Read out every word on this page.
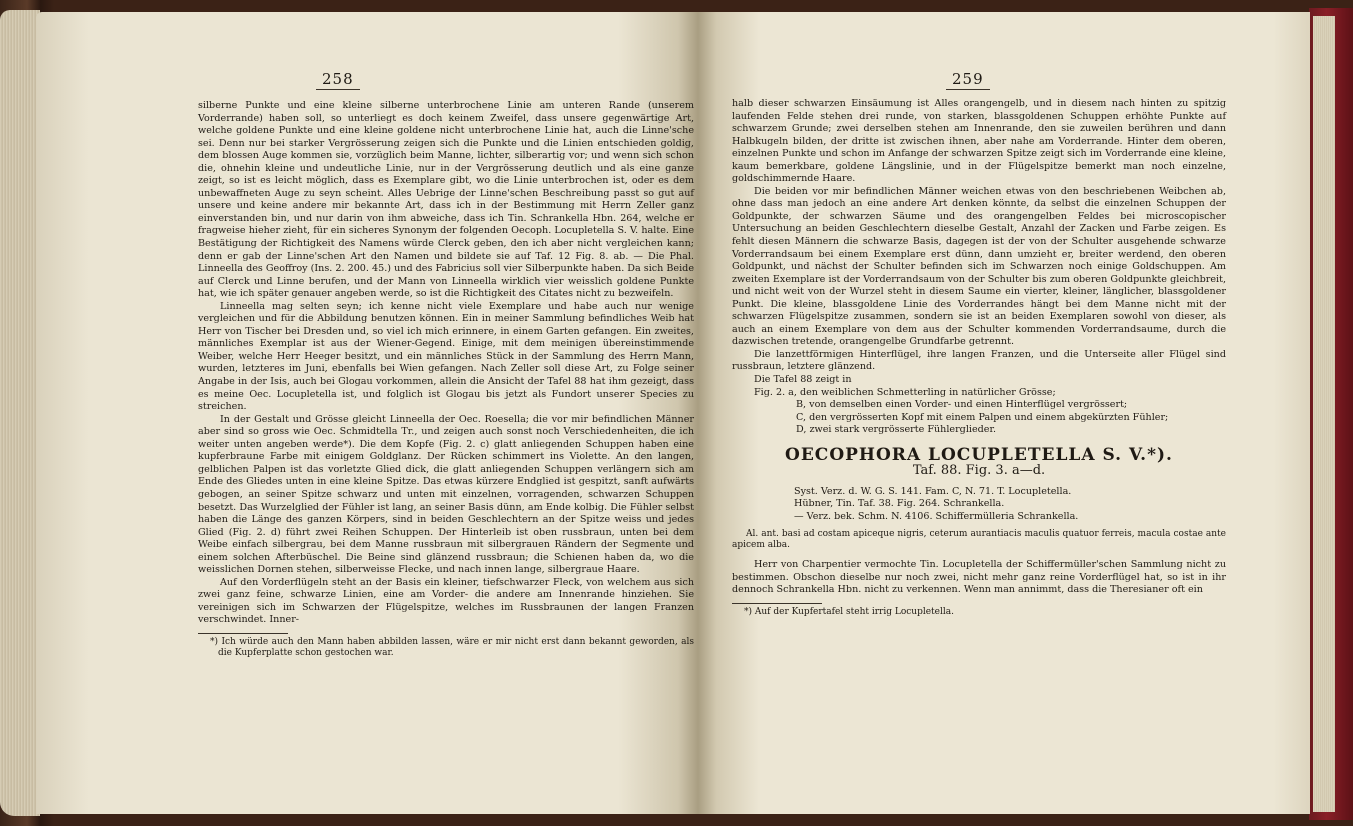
258

silberne Punkte und eine kleine silberne unterbrochene Linie am unteren Rande (unserem Vorderrande) haben soll, so unterliegt es doch keinem Zweifel, dass unsere gegenwärtige Art, welche goldene Punkte und eine kleine goldene nicht unterbrochene Linie hat, auch die Linne'sche sei. Denn nur bei starker Vergrösserung zeigen sich die Punkte und die Linien entschieden goldig, dem blossen Auge kommen sie, vorzüglich beim Manne, lichter, silberartig vor; und wenn sich schon die, ohnehin kleine und undeutliche Linie, nur in der Vergrösserung deutlich und als eine ganze zeigt, so ist es leicht möglich, dass es Exemplare gibt, wo die Linie unterbrochen ist, oder es dem unbewaffneten Auge zu seyn scheint. Alles Uebrige der Linne'schen Beschreibung passt so gut auf unsere und keine andere mir bekannte Art, dass ich in der Bestimmung mit Herrn Zeller ganz einverstanden bin, und nur darin von ihm abweiche, dass ich Tin. Schrankella Hbn. 264, welche er fragweise hieher zieht, für ein sicheres Synonym der folgenden Oecoph. Locupletella S. V. halte. Eine Bestätigung der Richtigkeit des Namens würde Clerck geben, den ich aber nicht vergleichen kann; denn er gab der Linne'schen Art den Namen und bildete sie auf Taf. 12 Fig. 8. ab. — Die Phal. Linneella des Geoffroy (Ins. 2. 200. 45.) und des Fabricius soll vier Silberpunkte haben. Da sich Beide auf Clerck und Linne berufen, und der Mann von Linneella wirklich vier weisslich goldene Punkte hat, wie ich später genauer angeben werde, so ist die Richtigkeit des Citates nicht zu bezweifeln.

Linneella mag selten seyn; ich kenne nicht viele Exemplare und habe auch nur wenige vergleichen und für die Abbildung benutzen können. Ein in meiner Sammlung befindliches Weib hat Herr von Tischer bei Dresden und, so viel ich mich erinnere, in einem Garten gefangen. Ein zweites, männliches Exemplar ist aus der Wiener-Gegend. Einige, mit dem meinigen übereinstimmende Weiber, welche Herr Heeger besitzt, und ein männliches Stück in der Sammlung des Herrn Mann, wurden, letzteres im Juni, ebenfalls bei Wien gefangen. Nach Zeller soll diese Art, zu Folge seiner Angabe in der Isis, auch bei Glogau vorkommen, allein die Ansicht der Tafel 88 hat ihm gezeigt, dass es meine Oec. Locupletella ist, und folglich ist Glogau bis jetzt als Fundort unserer Species zu streichen.

In der Gestalt und Grösse gleicht Linneella der Oec. Roesella; die vor mir befindlichen Männer aber sind so gross wie Oec. Schmidtella Tr., und zeigen auch sonst noch Verschiedenheiten, die ich weiter unten angeben werde*). Die dem Kopfe (Fig. 2. c) glatt anliegenden Schuppen haben eine kupferbraune Farbe mit einigem Goldglanz. Der Rücken schimmert ins Violette. An den langen, gelblichen Palpen ist das vorletzte Glied dick, die glatt anliegenden Schuppen verlängern sich am Ende des Gliedes unten in eine kleine Spitze. Das etwas kürzere Endglied ist gespitzt, sanft aufwärts gebogen, an seiner Spitze schwarz und unten mit einzelnen, vorragenden, schwarzen Schuppen besetzt. Das Wurzelglied der Fühler ist lang, an seiner Basis dünn, am Ende kolbig. Die Fühler selbst haben die Länge des ganzen Körpers, sind in beiden Geschlechtern an der Spitze weiss und jedes Glied (Fig. 2. d) führt zwei Reihen Schuppen. Der Hinterleib ist oben russbraun, unten bei dem Weibe einfach silbergrau, bei dem Manne russbraun mit silbergrauen Rändern der Segmente und einem solchen Afterbüschel. Die Beine sind glänzend russbraun; die Schienen haben da, wo die weisslichen Dornen stehen, silberweisse Flecke, und nach innen lange, silbergraue Haare.

Auf den Vorderflügeln steht an der Basis ein kleiner, tiefschwarzer Fleck, von welchem aus sich zwei ganz feine, schwarze Linien, eine am Vorder- die andere am Innenrande hinziehen. Sie vereinigen sich im Schwarzen der Flügelspitze, welches im Russbraunen der langen Franzen verschwindet. Inner-

*) Ich würde auch den Mann haben abbilden lassen, wäre er mir nicht erst dann bekannt geworden, als die Kupferplatte schon gestochen war.
259

halb dieser schwarzen Einsäumung ist Alles orangengelb, und in diesem nach hinten zu spitzig laufenden Felde stehen drei runde, von starken, blassgoldenen Schuppen erhöhte Punkte auf schwarzem Grunde; zwei derselben stehen am Innenrande, den sie zuweilen berühren und dann Halbkugeln bilden, der dritte ist zwischen ihnen, aber nahe am Vorderrande. Hinter dem oberen, einzelnen Punkte und schon im Anfange der schwarzen Spitze zeigt sich im Vorderrande eine kleine, kaum bemerkbare, goldene Längslinie, und in der Flügelspitze bemerkt man noch einzelne, goldschimmernde Haare.

Die beiden vor mir befindlichen Männer weichen etwas von den beschriebenen Weibchen ab, ohne dass man jedoch an eine andere Art denken könnte, da selbst die einzelnen Schuppen der Goldpunkte, der schwarzen Säume und des orangengelben Feldes bei microscopischer Untersuchung an beiden Geschlechtern dieselbe Gestalt, Anzahl der Zacken und Farbe zeigen. Es fehlt diesen Männern die schwarze Basis, dagegen ist der von der Schulter ausgehende schwarze Vorderrandsaum bei einem Exemplare erst dünn, dann umzieht er, breiter werdend, den oberen Goldpunkt, und nächst der Schulter befinden sich im Schwarzen noch einige Goldschuppen. Am zweiten Exemplare ist der Vorderrandsaum von der Schulter bis zum oberen Goldpunkte gleichbreit, und nicht weit von der Wurzel steht in diesem Saume ein vierter, kleiner, länglicher, blassgoldener Punkt. Die kleine, blassgoldene Linie des Vorderrandes hängt bei dem Manne nicht mit der schwarzen Flügelspitze zusammen, sondern sie ist an beiden Exemplaren sowohl von dieser, als auch an einem Exemplare von dem aus der Schulter kommenden Vorderrandsaume, durch die dazwischen tretende, orangengelbe Grundfarbe getrennt.

Die lanzettförmigen Hinterflügel, ihre langen Franzen, und die Unterseite aller Flügel sind russbraun, letztere glänzend.

Die Tafel 88 zeigt in
Fig. 2. a, den weiblichen Schmetterling in natürlicher Grösse;
B, von demselben einen Vorder- und einen Hinterflügel vergrössert;
C, den vergrösserten Kopf mit einem Palpen und einem abgekürzten Fühler;
D, zwei stark vergrösserte Fühlerglieder.
OECOPHORA LOCUPLETELLA S. V.*).
Taf. 88. Fig. 3. a—d.
Syst. Verz. d. W. G. S. 141. Fam. C, N. 71. T. Locupletella.
Hübner, Tin. Taf. 38. Fig. 264. Schrankella.
— Verz. bek. Schm. N. 4106. Schiffermülleria Schrankella.
Al. ant. basi ad costam apiceque nigris, ceterum aurantiacis maculis quatuor ferreis, macula costae ante apicem alba.

Herr von Charpentier vermochte Tin. Locupletella der Schiffermüller'schen Sammlung nicht zu bestimmen. Obschon dieselbe nur noch zwei, nicht mehr ganz reine Vorderflügel hat, so ist in ihr dennoch Schrankella Hbn. nicht zu verkennen. Wenn man annimmt, dass die Theresianer oft ein

*) Auf der Kupfertafel steht irrig Locupletella.
